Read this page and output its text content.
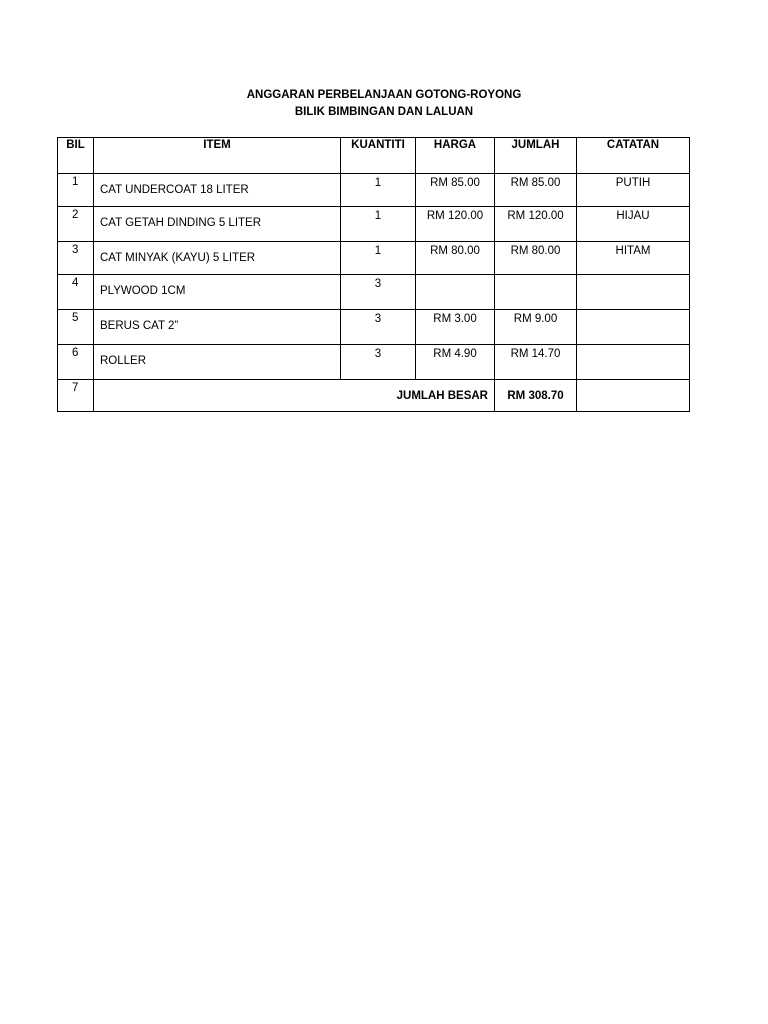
ANGGARAN PERBELANJAAN GOTONG-ROYONG
BILIK BIMBINGAN DAN LALUAN
BIL	ITEM	KUANTITI	HARGA	JUMLAH	CATATAN

1	CAT UNDERCOAT 18 LITER	1	RM 85.00	RM 85.00	PUTIH

2	CAT GETAH DINDING 5 LITER	1	RM 120.00	RM 120.00	HIJAU

3	CAT MINYAK (KAYU) 5 LITER	1	RM 80.00	RM 80.00	HITAM

4	PLYWOOD 1CM	3			

5	BERUS CAT 2”	3	RM 3.00	RM 9.00	

6	ROLLER	3	RM 4.90	RM 14.70	

7	JUMLAH BESAR			RM 308.70	
